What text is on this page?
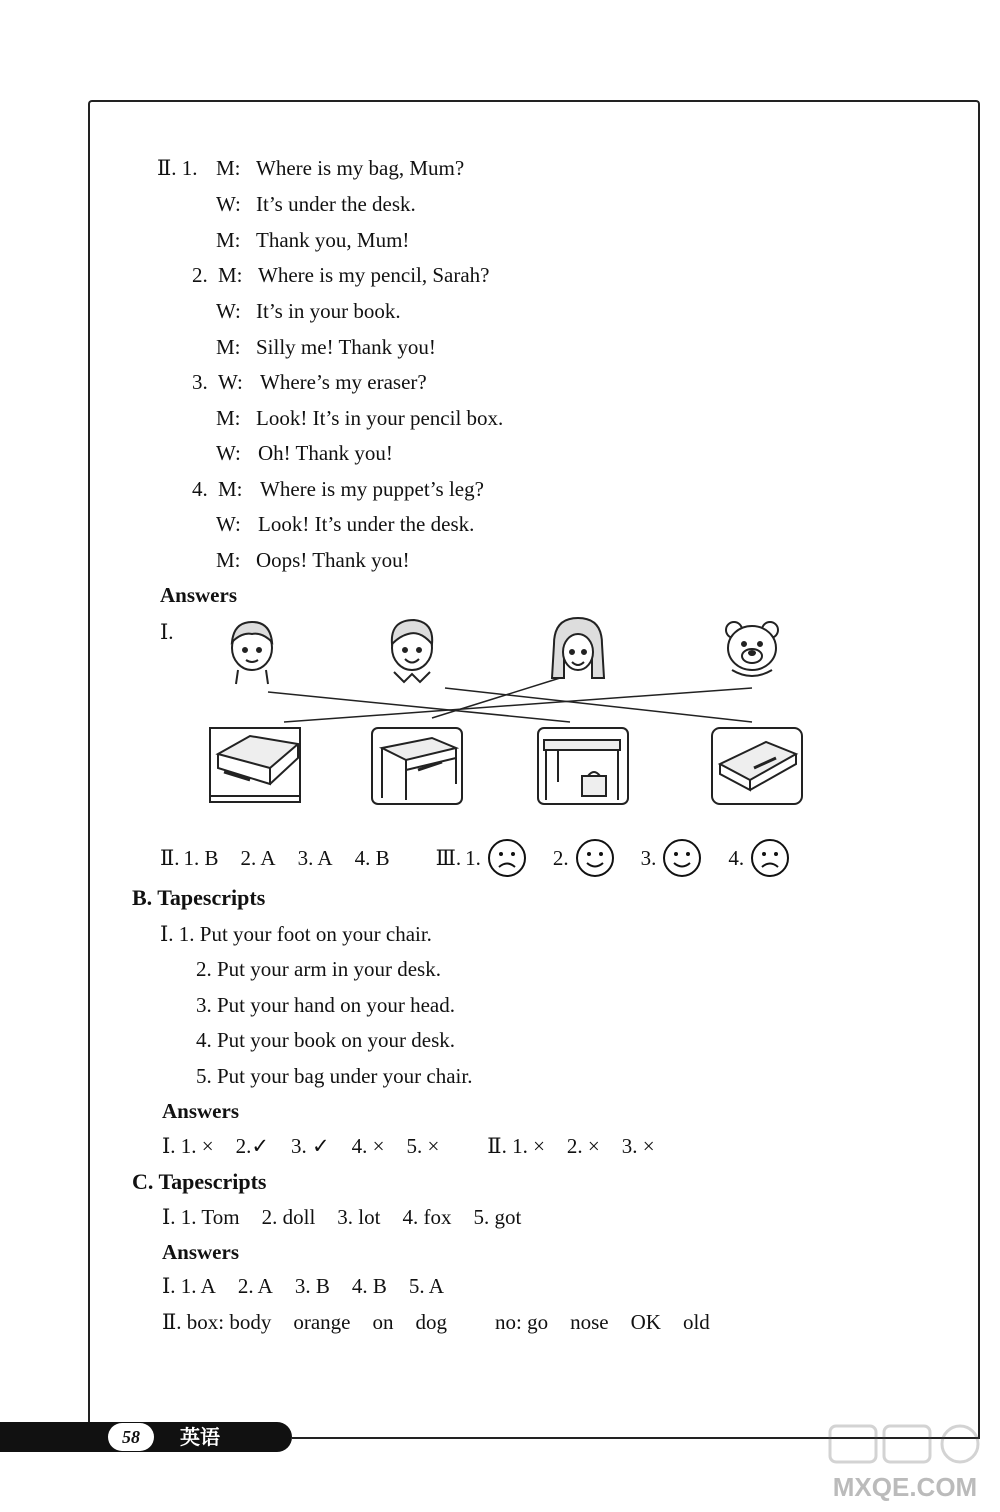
Ⅱ. 1. M: Where is my bag, Mum?
W: It’s under the desk.
M: Thank you, Mum!
2. M: Where is my pencil, Sarah?
W: It’s in your book.
M: Silly me! Thank you!
3. W: Where’s my eraser?
M: Look! It’s in your pencil box.
W: Oh! Thank you!
4. M: Where is my puppet’s leg?
W: Look! It’s under the desk.
M: Oops! Thank you!
Answers
Ⅰ.
Ⅱ. 1. B 2. A 3. A 4. B Ⅲ. 1.	2.	3.	4.
B. Tapescripts
Ⅰ. 1. Put your foot on your chair.
2. Put your arm in your desk.
3. Put your hand on your head.
4. Put your book on your desk.
5. Put your bag under your chair.
Answers
Ⅰ. 1. × 2.✓ 3. ✓ 4. × 5. × Ⅱ. 1. × 2. × 3. ×
C. Tapescripts
Ⅰ. 1. Tom 2. doll 3. lot 4. fox 5. got
Answers
Ⅰ. 1. A 2. A 3. B 4. B 5. A
Ⅱ. box: body orange on dog no: go nose OK old
58	英语
MXQE.COM
